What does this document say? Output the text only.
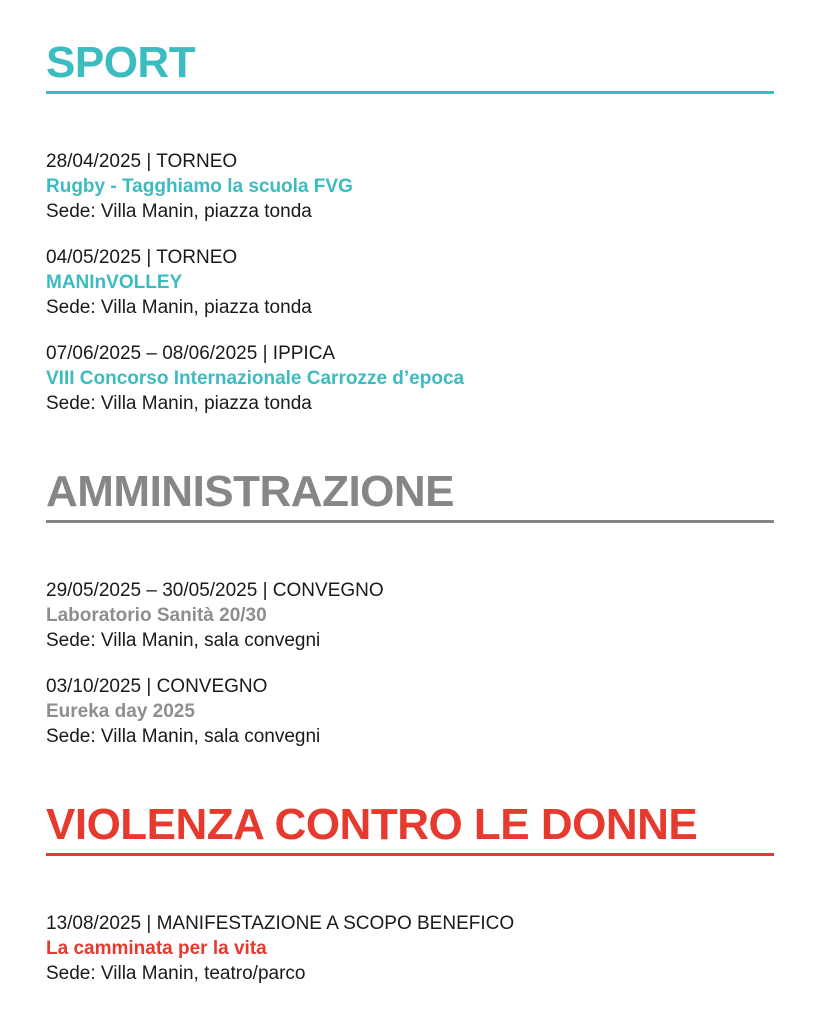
SPORT
28/04/2025 | TORNEO
Rugby - Tagghiamo la scuola FVG
Sede: Villa Manin, piazza tonda
04/05/2025 | TORNEO
MANInVOLLEY
Sede: Villa Manin, piazza tonda
07/06/2025 – 08/06/2025 | IPPICA
VIII Concorso Internazionale Carrozze d’epoca
Sede: Villa Manin, piazza tonda
AMMINISTRAZIONE
29/05/2025 – 30/05/2025 | CONVEGNO
Laboratorio Sanità 20/30
Sede: Villa Manin, sala convegni
03/10/2025 | CONVEGNO
Eureka day 2025
Sede: Villa Manin, sala convegni
VIOLENZA CONTRO LE DONNE
13/08/2025 | MANIFESTAZIONE A SCOPO BENEFICO
La camminata per la vita
Sede: Villa Manin, teatro/parco
